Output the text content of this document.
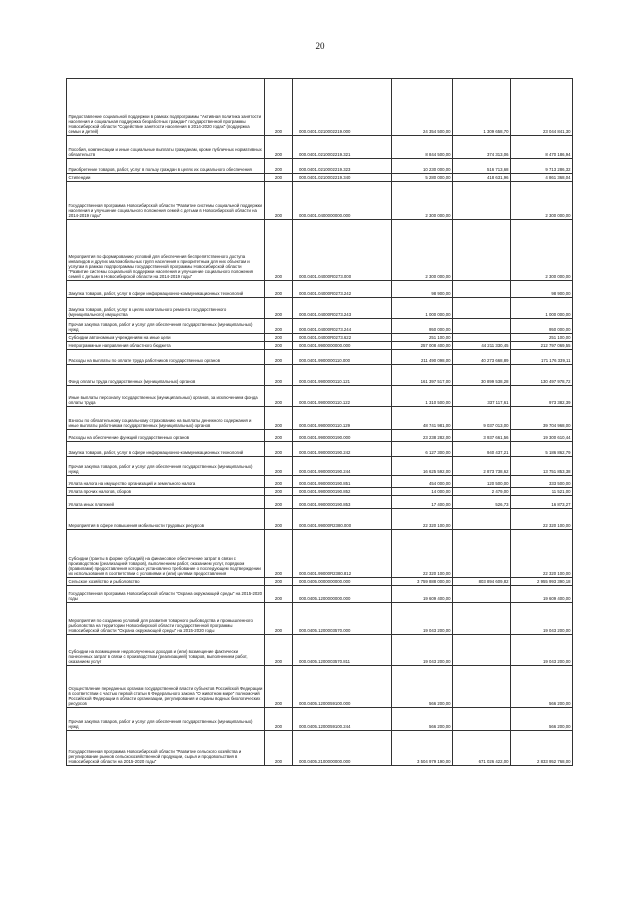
20
Предоставление социальной поддержки в рамках подпрограммы "Активная политика занятости населения и социальная поддержка безработных граждан" государственной программы Новосибирской области "Содействие занятости населения в 2014-2020 годах" (поддержка семьи и детей)	200	000.0401.0210002219.000	24 354 500,00	1 309 658,70	23 044 841,30
Пособия, компенсации и иные социальные выплаты гражданам, кроме публичных нормативных обязательств	200	000.0401.0210002219.321	8 844 500,00	374 313,06	8 470 186,94
Приобретение товаров, работ, услуг в пользу граждан в целях их социального обеспечения	200	000.0401.0210002219.323	10 230 000,00	516 713,68	9 713 286,32
Стипендии	200	000.0401.0210002219.340	5 280 000,00	418 631,96	4 861 368,04
Государственная программа Новосибирской области "Развитие системы социальной поддержки населения и улучшение социального положения семей с детьми в Новосибирской области на 2014-2019 годы"	200	000.0401.0400000000.000	2 300 000,00		2 300 000,00
Мероприятия по формированию условий для обеспечения беспрепятственного доступа инвалидов и других маломобильных групп населения к приоритетным для них объектам и услугам в рамках подпрограммы государственной программы Новосибирской области "Развитие системы социальной поддержки населения и улучшение социального положения семей с детьми в Новосибирской области на 2014-2019 годы"	200	000.0401.04000R0273.000	2 300 000,00		2 300 000,00
Закупка товаров, работ, услуг в сфере информационно-коммуникационных технологий	200	000.0401.04000R0273.242	98 900,00		98 900,00
Закупка товаров, работ, услуг в целях капитального ремонта государственного (муниципального) имущества	200	000.0401.04000R0273.243	1 000 000,00		1 000 000,00
Прочая закупка товаров, работ и услуг для обеспечения государственных (муниципальных) нужд	200	000.0401.04000R0273.244	950 000,00		950 000,00
Субсидии автономным учреждениям на иные цели	200	000.0401.04000R0273.622	251 100,00		251 100,00
Непрограммные направления областного бюджета	200	000.0401.9900000000.000	257 008 400,00	44 211 330,45	212 797 069,55
Расходы на выплаты по оплате труда работников государственных органов	200	000.0401.9900000110.000	211 490 098,00	40 273 668,89	171 176 339,11
Фонд оплаты труда государственных (муниципальных) органов	200	000.0401.9900000110.121	161 397 517,00	30 899 538,28	130 497 978,72
Иные выплаты персоналу государственных (муниципальных) органов, за исключением фонда оплаты труда	200	000.0401.9900000110.122	1 310 500,00	337 117,61	973 382,39
Взносы по обязательному социальному страхованию на выплаты денежного содержания и иные выплаты работникам государственных (муниципальных) органов	200	000.0401.9900000110.129	48 741 981,00	9 037 013,00	39 704 968,00
Расходы на обеспечение функций государственных органов	200	000.0401.9900000190.000	23 238 282,00	3 937 661,56	19 300 610,44
Закупка товаров, работ, услуг в сфере информационно-коммуникационных технологий	200	000.0401.9900000190.242	6 127 300,00	940 437,21	5 186 862,79
Прочая закупка товаров, работ и услуг для обеспечения государственных (муниципальных) нужд	200	000.0401.9900000190.244	16 625 592,00	2 873 738,62	13 751 853,38
Уплата налога на имущество организаций и земельного налога	200	000.0401.9900000190.851	454 000,00	120 500,00	333 500,00
Уплата прочих налогов, сборов	200	000.0401.9900000190.852	14 000,00	2 479,00	11 521,00
Уплата иных платежей	200	000.0401.9900000190.853	17 400,00	526,73	16 873,27
Мероприятия в сфере повышения мобильности трудовых ресурсов	200	000.0401.99000R2380.000	22 320 100,00		22 320 100,00
Субсидии (гранты в форме субсидий) на финансовое обеспечение затрат в связи с производством (реализацией товаров), выполнением работ, оказанием услуг, порядком (правилами) предоставления которых установлено требование о последующем подтверждении их использования в соответствии с условиями и (или) целями предоставления	200	000.0401.99000R2380.812	22 320 100,00		22 320 100,00
Сельское хозяйство и рыболовство	200	000.0405.0000000000.000	3 759 888 000,00	803 894 609,82	2 955 993 390,18
Государственная программа Новосибирской области "Охрана окружающей среды" на 2015-2020 годы	200	000.0405.1200000000.000	19 609 400,00		19 609 400,00
Мероприятия по созданию условий для развития товарного рыбоводства и промышленного рыболовства на территории Новосибирской области государственной программы Новосибирской области "Охрана окружающей среды" на 2015-2020 годы	200	000.0405.1200003570.000	19 043 200,00		19 043 200,00
Субсидии на возмещение недополученных доходов и (или) возмещение фактически понесенных затрат в связи с производством (реализацией) товаров, выполнением работ, оказанием услуг	200	000.0405.1200003570.811	19 043 200,00		19 043 200,00
Осуществление переданных органам государственной власти субъектов Российской Федерации в соответствии с частью первой статьи 6 Федерального закона "О животном мире" полномочий Российской Федерации в области организации, регулирования и охраны водных биологических ресурсов	200	000.0405.1200059100.000	566 200,00		566 200,00
Прочая закупка товаров, работ и услуг для обеспечения государственных (муниципальных) нужд	200	000.0405.1200059100.244	566 200,00		566 200,00
Государственная программа Новосибирской области "Развитие сельского хозяйства и регулирование рынков сельскохозяйственной продукции, сырья и продовольствия в Новосибирской области на 2015-2020 годы"	200	000.0405.2100000000.000	3 504 979 190,00	671 026 422,00	2 833 952 768,00
